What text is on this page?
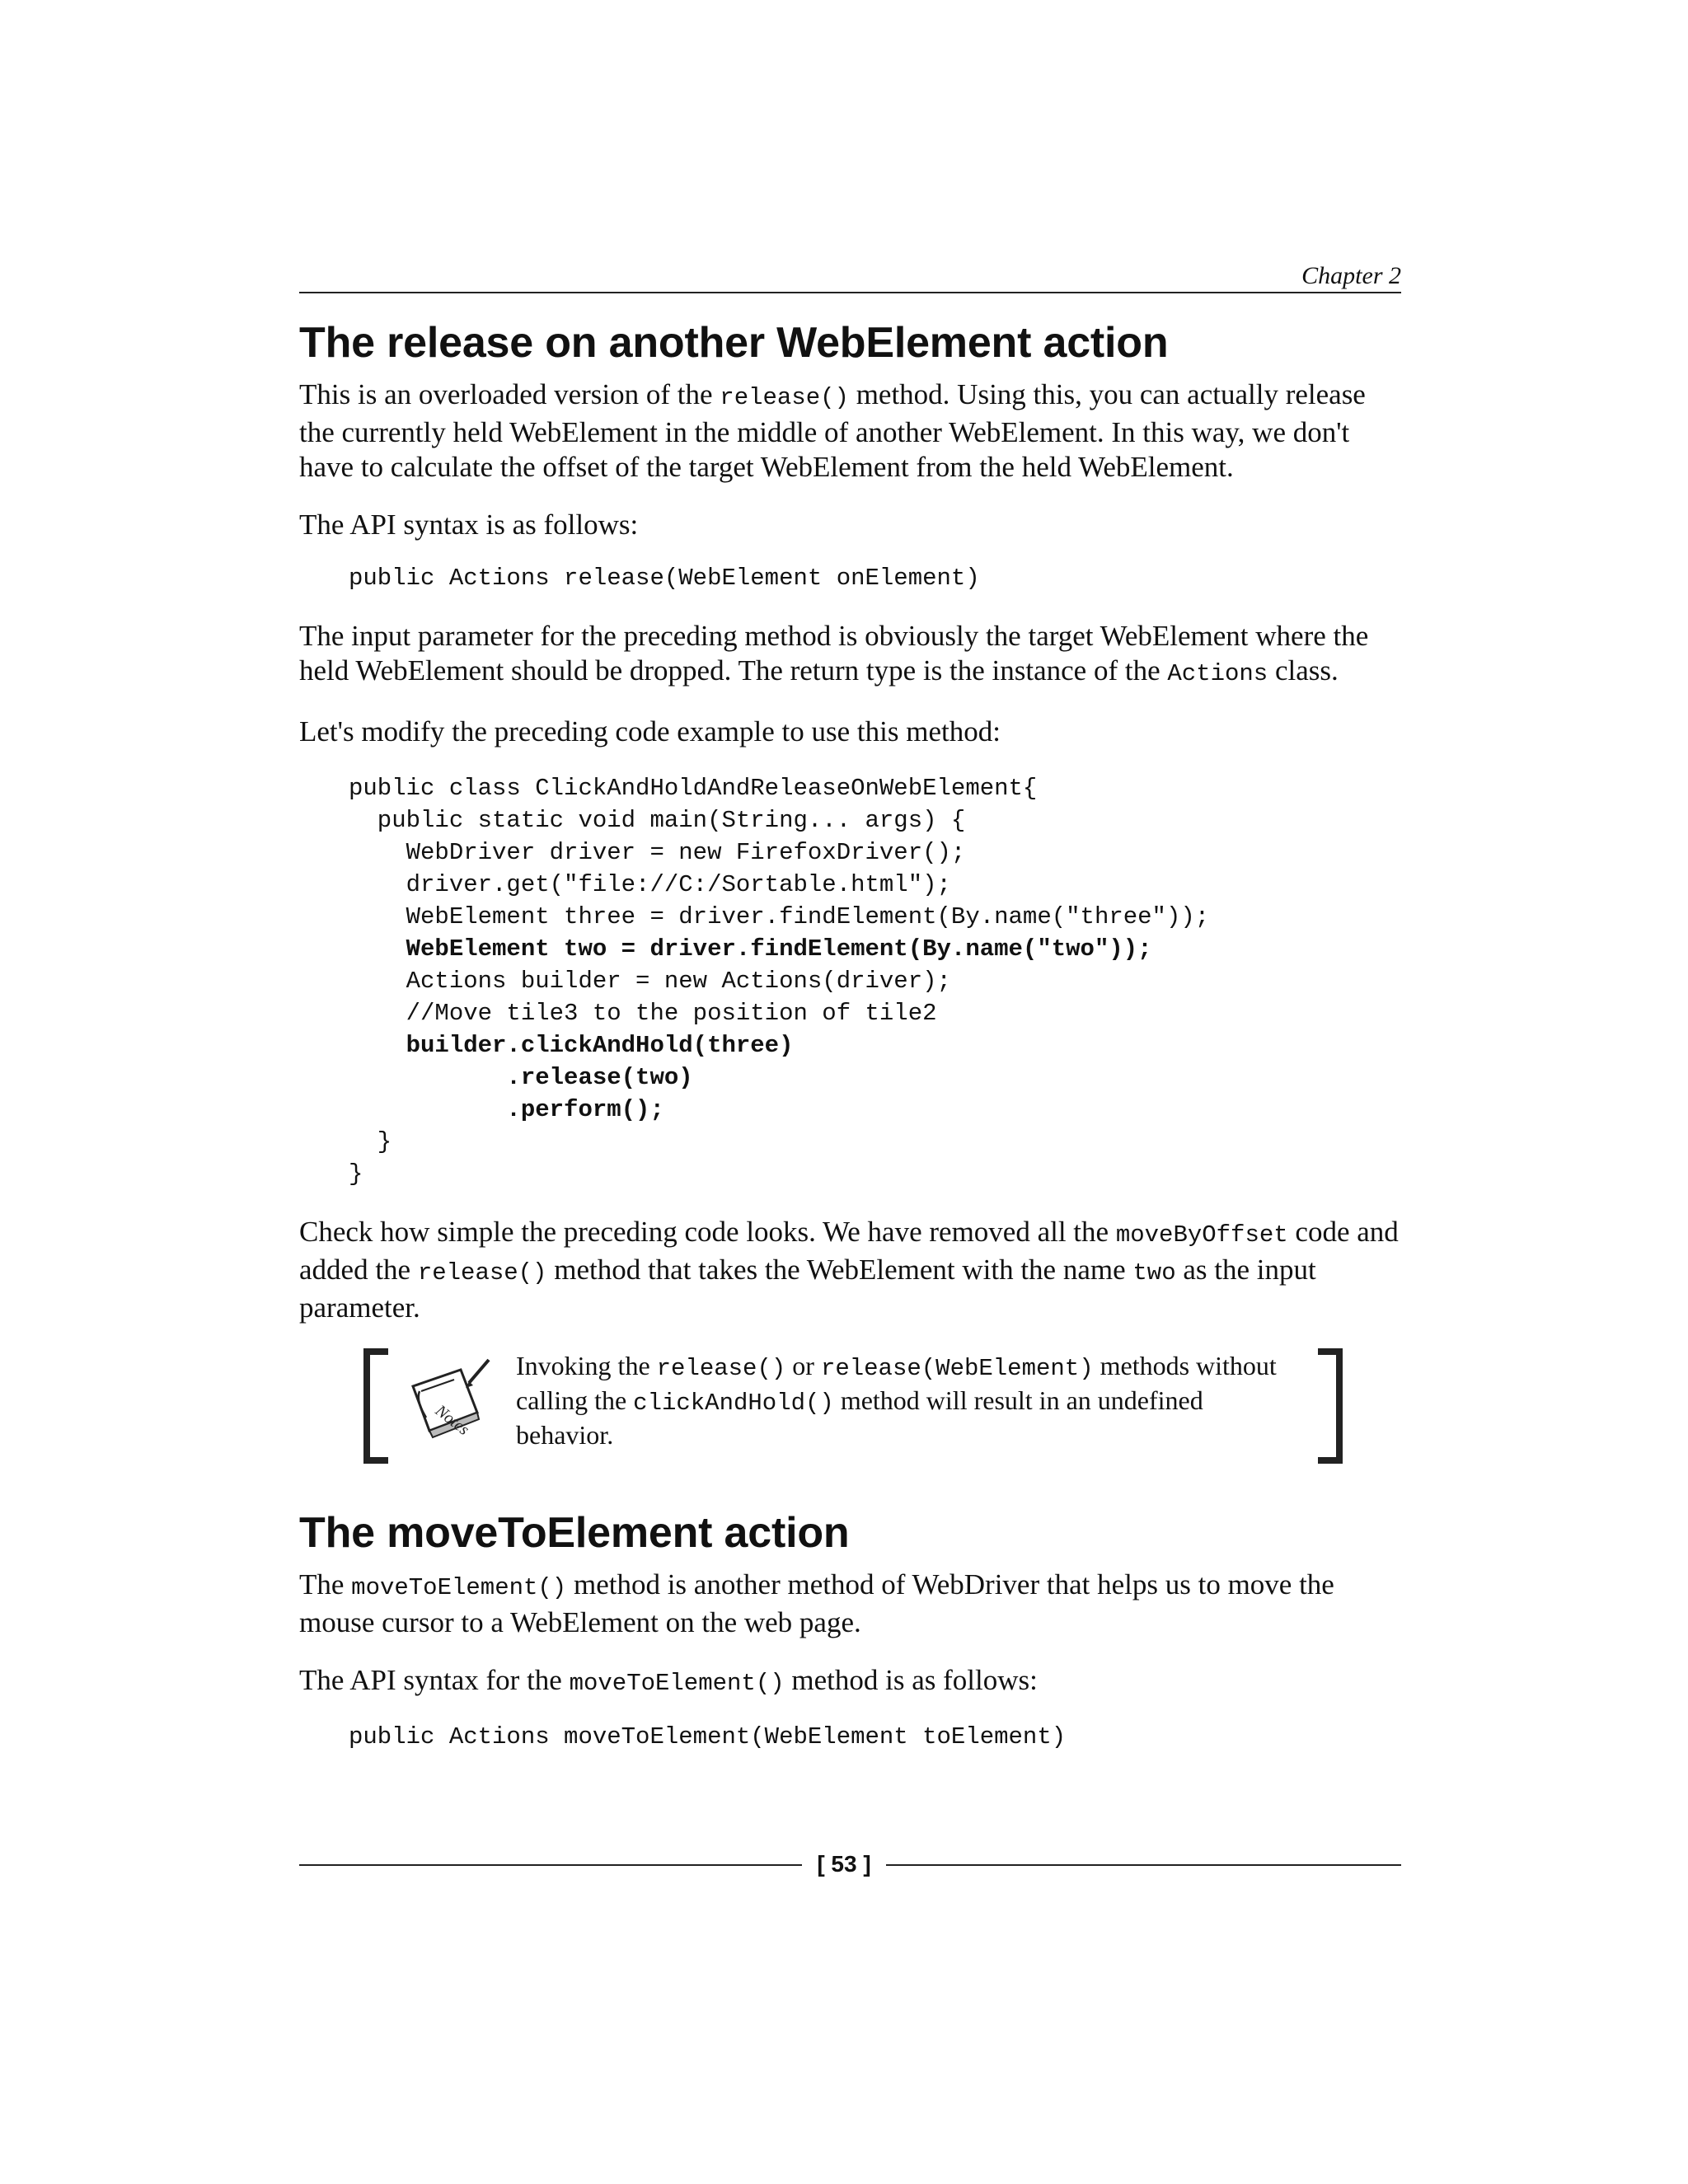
Chapter 2
The release on another WebElement action

This is an overloaded version of the release() method. Using this, you can actually release the currently held WebElement in the middle of another WebElement. In this way, we don't have to calculate the offset of the target WebElement from the held WebElement.

The API syntax is as follows:

public Actions release(WebElement onElement)

The input parameter for the preceding method is obviously the target WebElement where the held WebElement should be dropped. The return type is the instance of the Actions class.

Let's modify the preceding code example to use this method:

public class ClickAndHoldAndReleaseOnWebElement{
public static void main(String... args) {
WebDriver driver = new FirefoxDriver();
driver.get("file://C:/Sortable.html");
WebElement three = driver.findElement(By.name("three"));
WebElement two = driver.findElement(By.name("two"));
Actions builder = new Actions(driver);
//Move tile3 to the position of tile2
builder.clickAndHold(three)
.release(two)
.perform();
}
}

Check how simple the preceding code looks. We have removed all the moveByOffset code and added the release() method that takes the WebElement with the name two as the input parameter.

Notes
Invoking the release() or release(WebElement) methods without calling the clickAndHold() method will result in an undefined behavior.
The moveToElement action

The moveToElement() method is another method of WebDriver that helps us to move the mouse cursor to a WebElement on the web page.

The API syntax for the moveToElement() method is as follows:

public Actions moveToElement(WebElement toElement)
[ 53 ]
